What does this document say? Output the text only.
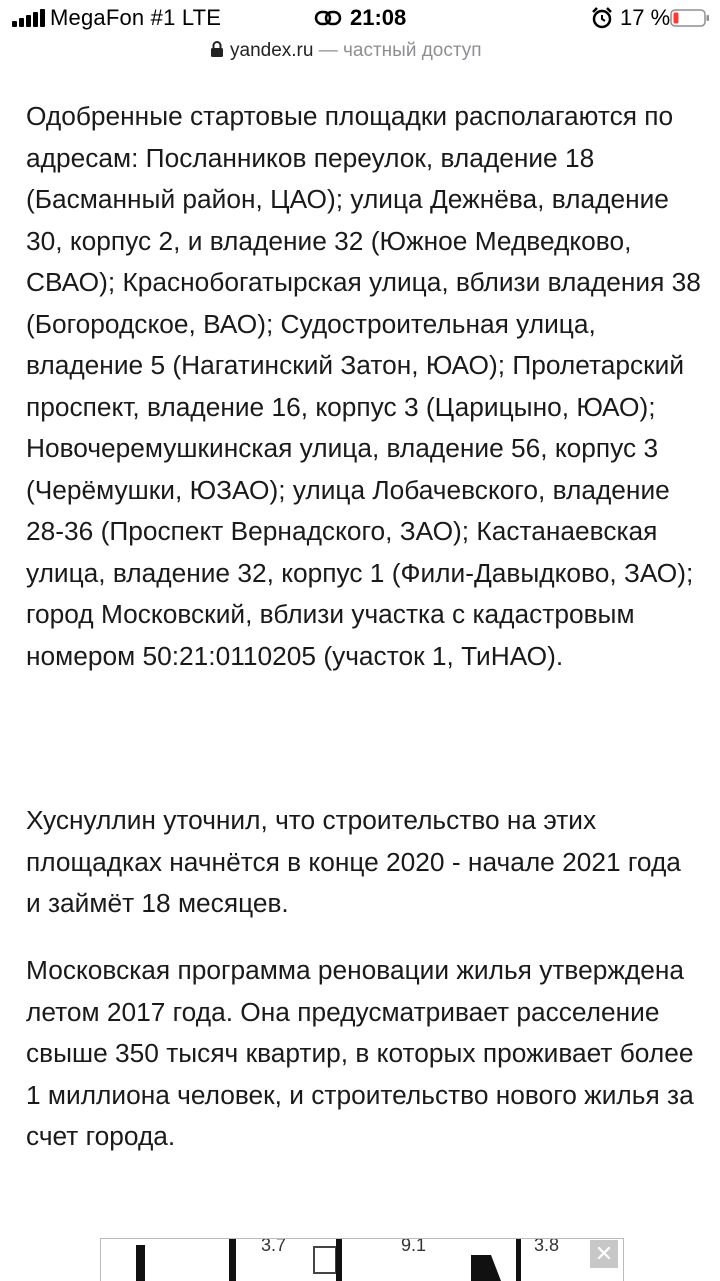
MegaFon #1 LTE	21:08	17 %
yandex.ru — частный доступ

Одобренные стартовые площадки располагаются по адресам: Посланников переулок, владение 18 (Басманный район, ЦАО); улица Дежнёва, владение 30, корпус 2, и владение 32 (Южное Медведково, СВАО); Краснобогатырская улица, вблизи владения 38 (Богородское, ВАО); Судостроительная улица, владение 5 (Нагатинский Затон, ЮАО); Пролетарский проспект, владение 16, корпус 3 (Царицыно, ЮАО); Новочеремушкинская улица, владение 56, корпус 3 (Черёмушки, ЮЗАО); улица Лобачевского, владение 28-36 (Проспект Вернадского, ЗАО); Кастанаевская улица, владение 32, корпус 1 (Фили-Давыдково, ЗАО); город Московский, вблизи участка с кадастровым номером 50:21:0110205 (участок 1, ТиНАО).

Хуснуллин уточнил, что строительство на этих площадках начнётся в конце 2020 - начале 2021 года и займёт 18 месяцев.

Московская программа реновации жилья утверждена летом 2017 года. Она предусматривает расселение свыше 350 тысяч квартир, в которых проживает более 1 миллиона человек, и строительство нового жилья за счет города.

3.7	9.1	3.8 ✕
